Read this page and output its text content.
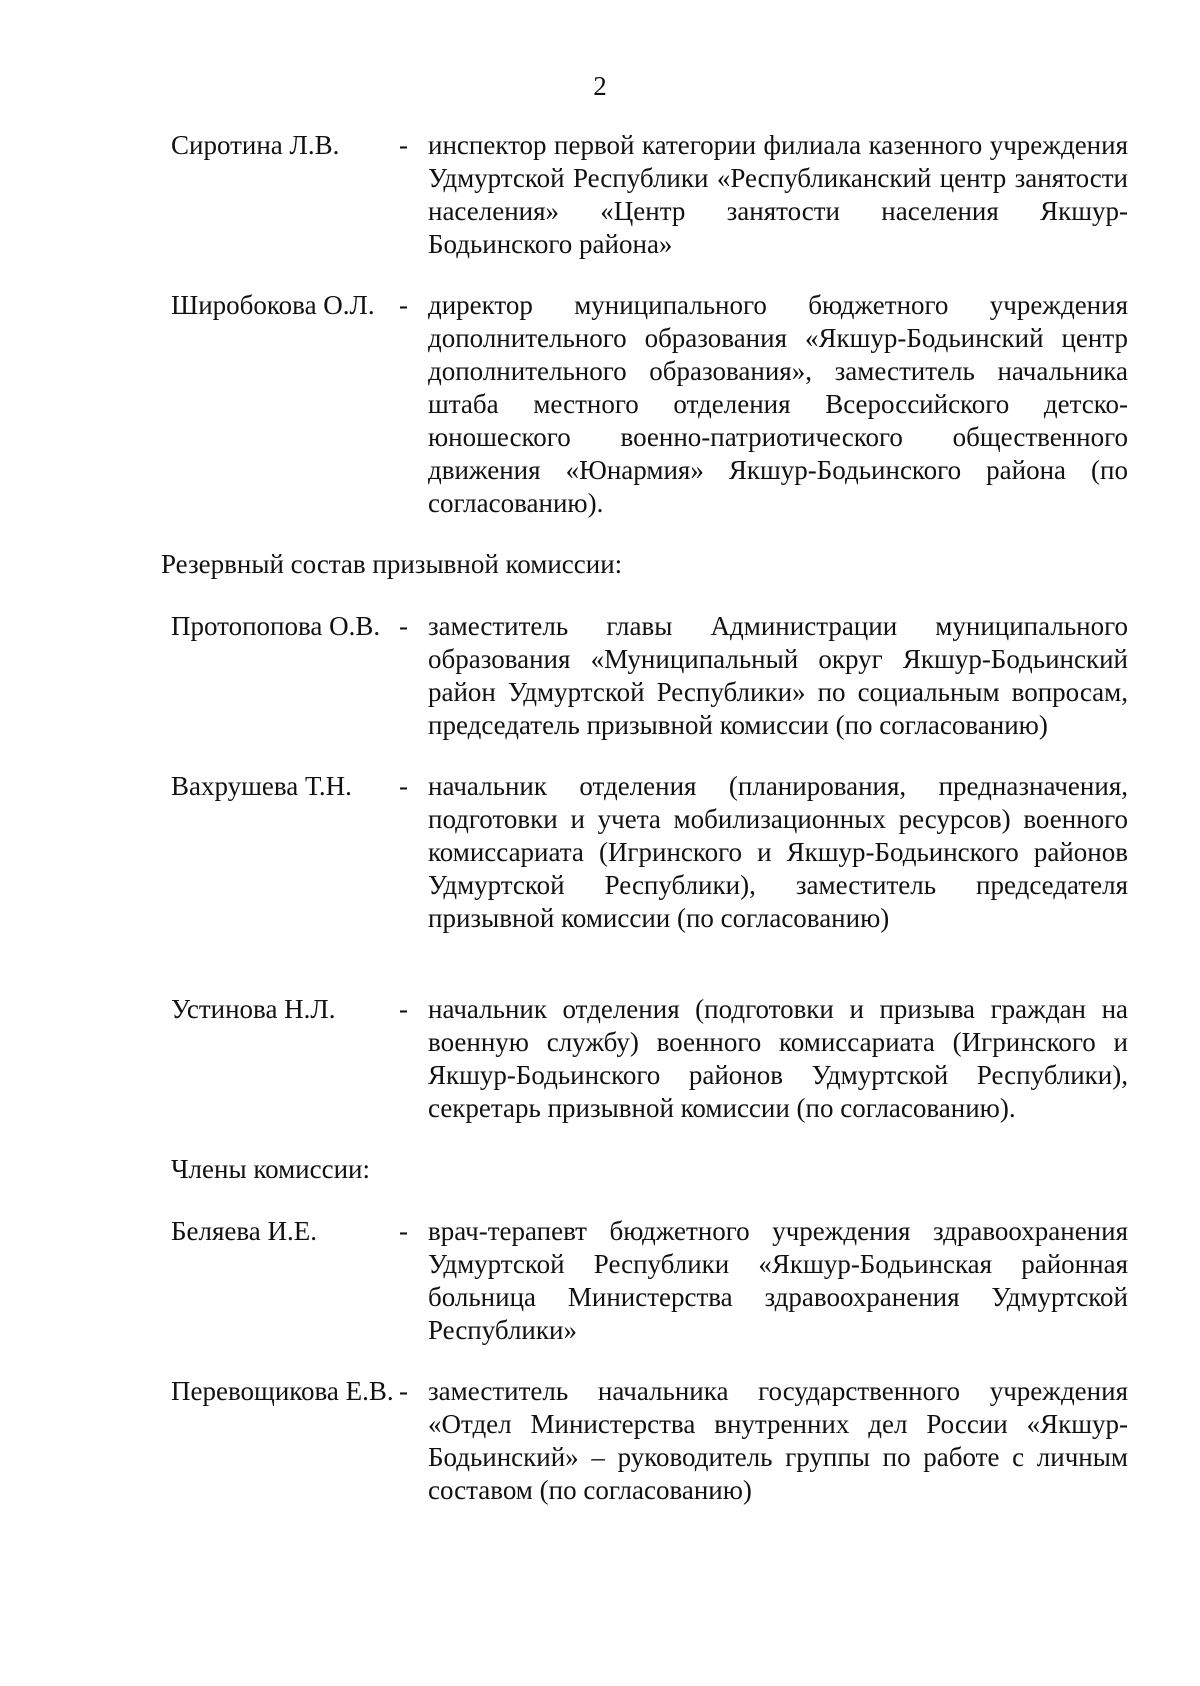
2
Сиротина Л.В. - инспектор первой категории филиала казенного учреждения Удмуртской Республики «Республиканский центр занятости населения» «Центр занятости населения Якшур-Бодьинского района»
Широбокова О.Л. - директор муниципального бюджетного учреждения дополнительного образования «Якшур-Бодьинский центр дополнительного образования», заместитель начальника штаба местного отделения Всероссийского детско-юношеского военно-патриотического общественного движения «Юнармия» Якшур-Бодьинского района (по согласованию).
Резервный состав призывной комиссии:
Протопопова О.В. - заместитель главы Администрации муниципального образования «Муниципальный округ Якшур-Бодьинский район Удмуртской Республики» по социальным вопросам, председатель призывной комиссии (по согласованию)
Вахрушева Т.Н. - начальник отделения (планирования, предназначения, подготовки и учета мобилизационных ресурсов) военного комиссариата (Игринского и Якшур-Бодьинского районов Удмуртской Республики), заместитель председателя призывной комиссии (по согласованию)
Устинова Н.Л. - начальник отделения (подготовки и призыва граждан на военную службу) военного комиссариата (Игринского и Якшур-Бодьинского районов Удмуртской Республики), секретарь призывной комиссии (по согласованию).
Члены комиссии:
Беляева И.Е.	- врач-терапевт бюджетного учреждения здравоохранения Удмуртской Республики «Якшур-Бодьинская районная больница Министерства здравоохранения Удмуртской Республики»
Перевощикова Е.В. - заместитель начальника государственного учреждения «Отдел Министерства внутренних дел России «Якшур-Бодьинский» – руководитель группы по работе с личным составом (по согласованию)
